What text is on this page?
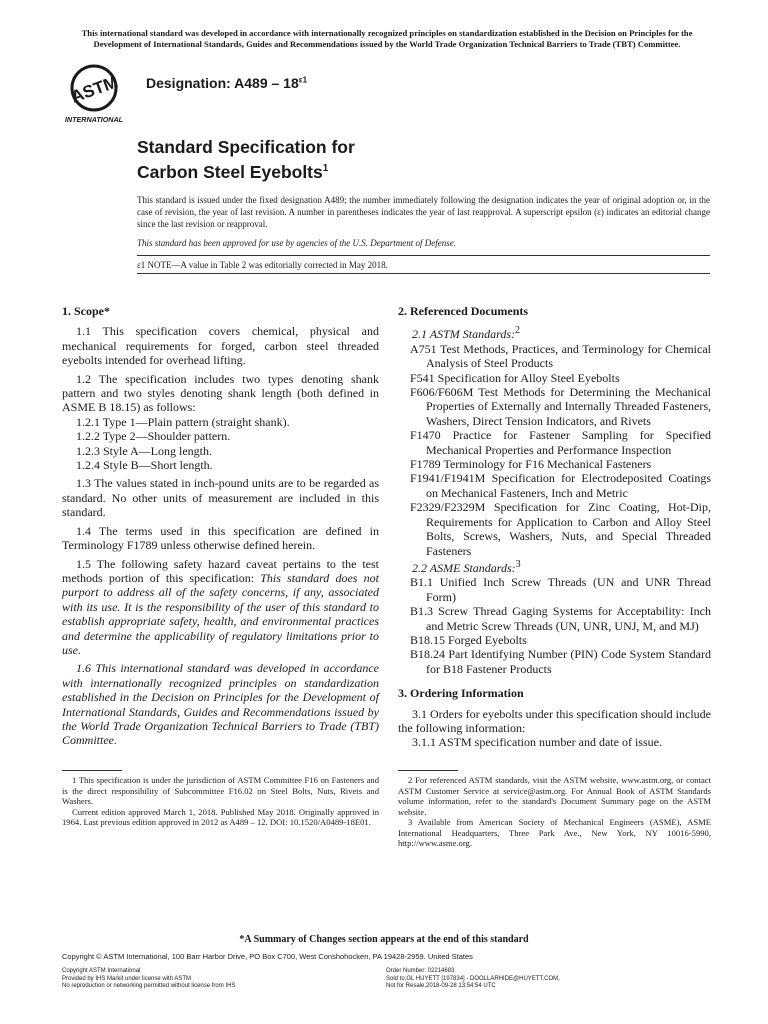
This international standard was developed in accordance with internationally recognized principles on standardization established in the Decision on Principles for the Development of International Standards, Guides and Recommendations issued by the World Trade Organization Technical Barriers to Trade (TBT) Committee.
ASTM
INTERNATIONAL
Designation: $A489 - 18^{\varepsilon 1}$
Standard Specification for
Carbon Steel Eyebolts$^1$
This standard is issued under the fixed designation A489; the number immediately following the designation indicates the year of original adoption or, in the case of revision, the year of last revision. A number in parentheses indicates the year of last reapproval. A superscript epsilon (ε) indicates an editorial change since the last revision or reapproval.
This standard has been approved for use by agencies of the U.S. Department of Defense.
ε1 NOTE—A value in Table 2 was editorially corrected in May 2018.

1. Scope*

1.1 This specification covers chemical, physical and mechanical requirements for forged, carbon steel threaded eyebolts intended for overhead lifting.

1.2 The specification includes two types denoting shank pattern and two styles denoting shank length (both defined in ASME B 18.15) as follows:

1.2.1 Type 1—Plain pattern (straight shank).

1.2.2 Type 2—Shoulder pattern.

1.2.3 Style A—Long length.

1.2.4 Style B—Short length.

1.3 The values stated in inch-pound units are to be regarded as standard. No other units of measurement are included in this standard.

1.4 The terms used in this specification are defined in Terminology F1789 unless otherwise defined herein.

1.5 The following safety hazard caveat pertains to the test methods portion of this specification: This standard does not purport to address all of the safety concerns, if any, associated with its use. It is the responsibility of the user of this standard to establish appropriate safety, health, and environmental practices and determine the applicability of regulatory limitations prior to use.

1.6 This international standard was developed in accordance with internationally recognized principles on standardization established in the Decision on Principles for the Development of International Standards, Guides and Recommendations issued by the World Trade Organization Technical Barriers to Trade (TBT) Committee.

2. Referenced Documents

2.1 ASTM Standards:$^2$

A751 Test Methods, Practices, and Terminology for Chemical Analysis of Steel Products
F541 Specification for Alloy Steel Eyebolts
F606/F606M Test Methods for Determining the Mechanical Properties of Externally and Internally Threaded Fasteners, Washers, Direct Tension Indicators, and Rivets
F1470 Practice for Fastener Sampling for Specified Mechanical Properties and Performance Inspection
F1789 Terminology for F16 Mechanical Fasteners
F1941/F1941M Specification for Electrodeposited Coatings on Mechanical Fasteners, Inch and Metric
F2329/F2329M Specification for Zinc Coating, Hot-Dip, Requirements for Application to Carbon and Alloy Steel Bolts, Screws, Washers, Nuts, and Special Threaded Fasteners

2.2 ASME Standards:$^3$

B1.1 Unified Inch Screw Threads (UN and UNR Thread Form)
B1.3 Screw Thread Gaging Systems for Acceptability: Inch and Metric Screw Threads (UN, UNR, UNJ, M, and MJ)
B18.15 Forged Eyebolts
B18.24 Part Identifying Number (PIN) Code System Standard for B18 Fastener Products

3. Ordering Information

3.1 Orders for eyebolts under this specification should include the following information:

3.1.1 ASTM specification number and date of issue.

1 This specification is under the jurisdiction of ASTM Committee F16 on Fasteners and is the direct responsibility of Subcommittee F16.02 on Steel Bolts, Nuts, Rivets and Washers.

Current edition approved March 1, 2018. Published May 2018. Originally approved in 1964. Last previous edition approved in 2012 as A489 – 12. DOI: 10.1520/A0489-18E01.

2 For referenced ASTM standards, visit the ASTM website, www.astm.org, or contact ASTM Customer Service at service@astm.org. For Annual Book of ASTM Standards volume information, refer to the standard's Document Summary page on the ASTM website.

3 Available from American Society of Mechanical Engineers (ASME), ASME International Headquarters, Three Park Ave., New York, NY 10016-5990, http://www.asme.org.

*A Summary of Changes section appears at the end of this standard
Copyright © ASTM International, 100 Barr Harbor Drive, PO Box C700, West Conshohocken, PA 19428-2959. United States
Copyright ASTM International
Provided by IHS Markit under license with ASTM
No reproduction or networking permitted without license from IHS
Order Number: 02214683
Sold to:GL HUYETT [197834] - DOOLLARHIDE@HUYETT.COM,
Not for Resale,2018-09-28 13:54:54 UTC
